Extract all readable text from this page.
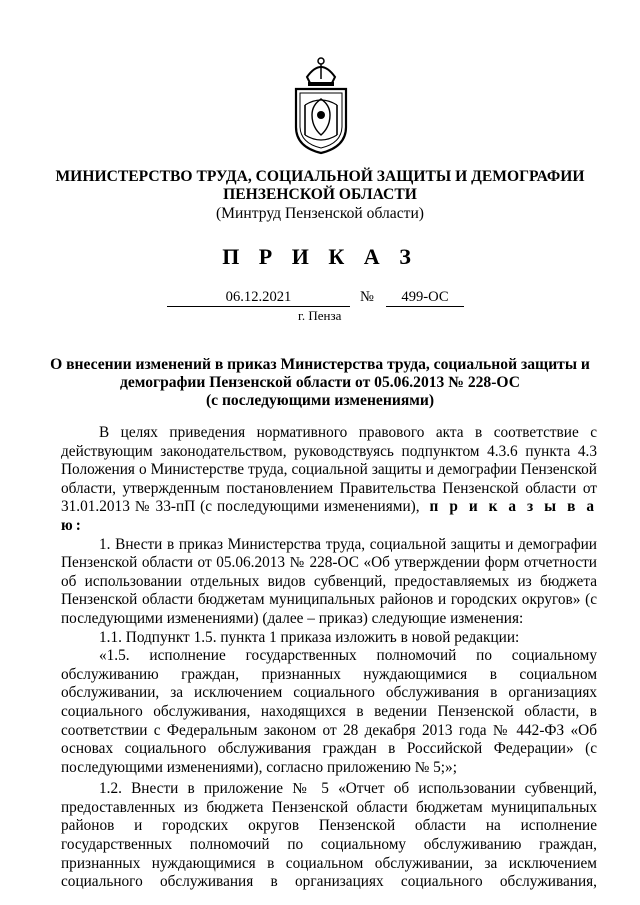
МИНИСТЕРСТВО ТРУДА, СОЦИАЛЬНОЙ ЗАЩИТЫ И ДЕМОГРАФИИ
ПЕНЗЕНСКОЙ ОБЛАСТИ
(Минтруд Пензенской области)
П Р И К А З
06.12.2021	№	499-ОС
г. Пенза
О внесении изменений в приказ Министерства труда, социальной защиты и
демографии Пензенской области от 05.06.2013 № 228-ОС
(с последующими изменениями)
В целях приведения нормативного правового акта в соответствие с
действующим законодательством, руководствуясь подпунктом 4.3.6 пункта 4.3
Положения о Министерстве труда, социальной защиты и демографии Пензенской
области, утвержденным постановлением Правительства Пензенской области от
31.01.2013 № 33-пП (с последующими изменениями), п р и к а з ы в а ю:
1. Внести в приказ Министерства труда, социальной защиты и демографии
Пензенской области от 05.06.2013 № 228-ОС «Об утверждении форм отчетности
об использовании отдельных видов субвенций, предоставляемых из бюджета
Пензенской области бюджетам муниципальных районов и городских округов» (с
последующими изменениями) (далее – приказ) следующие изменения:
1.1. Подпункт 1.5. пункта 1 приказа изложить в новой редакции:
«1.5. исполнение государственных полномочий по социальному
обслуживанию граждан, признанных нуждающимися в социальном
обслуживании, за исключением социального обслуживания в организациях
социального обслуживания, находящихся в ведении Пензенской области, в
соответствии с Федеральным законом от 28 декабря 2013 года № 442-ФЗ «Об
основах социального обслуживания граждан в Российской Федерации» (с
последующими изменениями), согласно приложению № 5;»;
1.2. Внести в приложение № 5 «Отчет об использовании субвенций,
предоставленных из бюджета Пензенской области бюджетам муниципальных
районов и городских округов Пензенской области на исполнение
государственных полномочий по социальному обслуживанию граждан,
признанных нуждающимися в социальном обслуживании, за исключением
социального обслуживания в организациях социального обслуживания,
